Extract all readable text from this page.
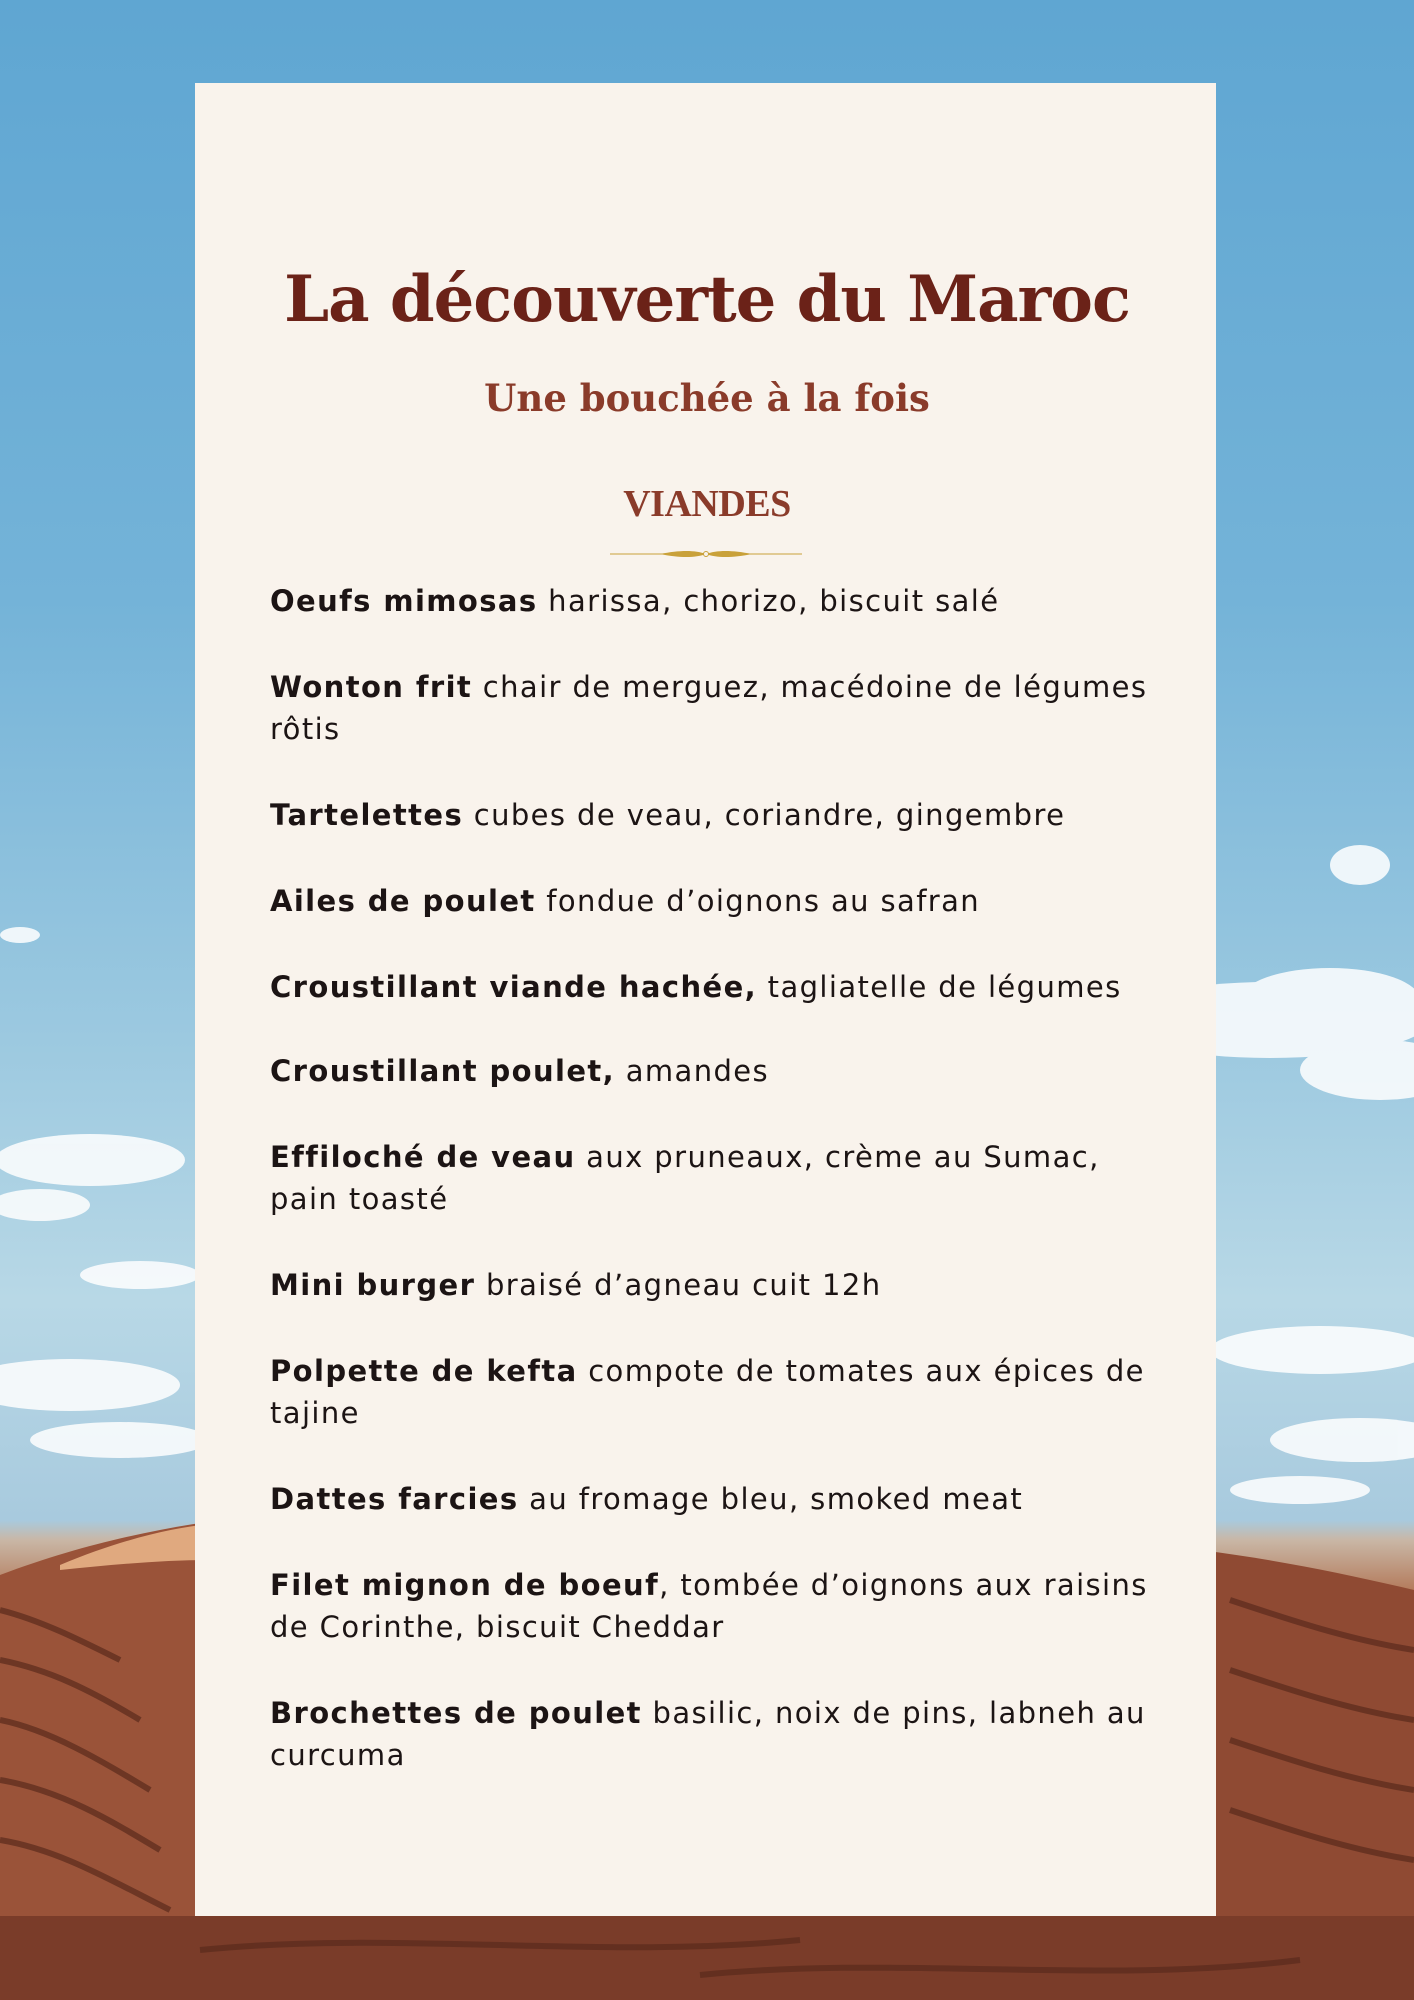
La découverte du Maroc
Une bouchée à la fois
VIANDES
Oeufs mimosas harissa, chorizo, biscuit salé
Wonton frit chair de merguez, macédoine de légumes rôtis
Tartelettes cubes de veau, coriandre, gingembre
Ailes de poulet fondue d’oignons au safran
Croustillant viande hachée, tagliatelle de légumes
Croustillant poulet, amandes
Effiloché de veau aux pruneaux, crème au Sumac, pain toasté
Mini burger braisé d’agneau cuit 12h
Polpette de kefta compote de tomates aux épices de tajine
Dattes farcies au fromage bleu, smoked meat
Filet mignon de boeuf, tombée d’oignons aux raisins de Corinthe, biscuit Cheddar
Brochettes de poulet basilic, noix de pins, labneh au curcuma
